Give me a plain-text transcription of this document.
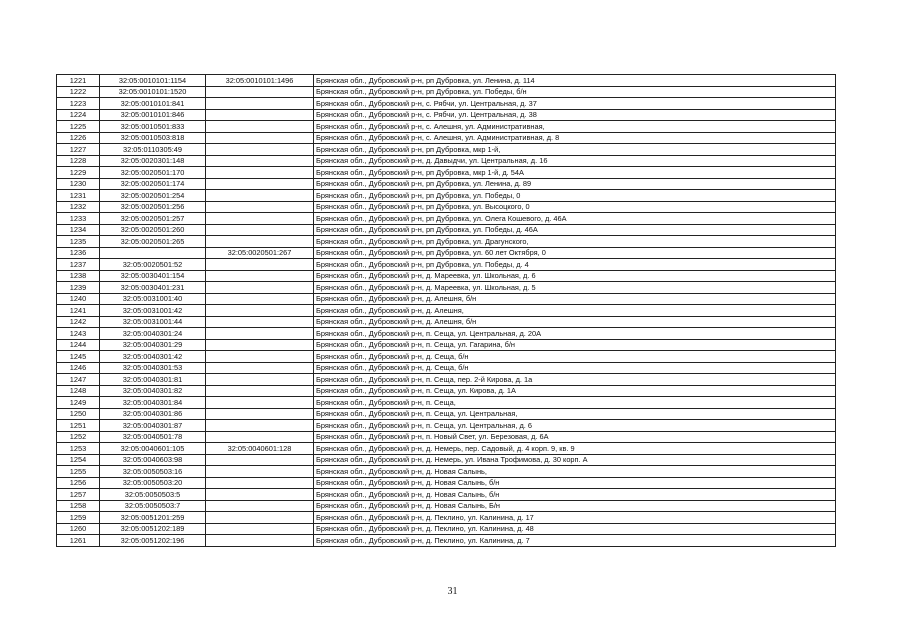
1221	32:05:0010101:1154	32:05:0010101:1496	Брянская обл., Дубровский р-н, рп Дубровка, ул. Ленина, д. 114
1222	32:05:0010101:1520		Брянская обл., Дубровский р-н, рп Дубровка, ул. Победы, б/н
1223	32:05:0010101:841		Брянская обл., Дубровский р-н, с. Рябчи, ул. Центральная, д. 37
1224	32:05:0010101:846		Брянская обл., Дубровский р-н, с. Рябчи, ул. Центральная, д. 38
1225	32:05:0010501:833		Брянская обл., Дубровский р-н, с. Алешня, ул. Административная,
1226	32:05:0010503:818		Брянская обл., Дубровский р-н, с. Алешня, ул. Административная, д. 8
1227	32:05:0110305:49		Брянская обл., Дубровский р-н, рп Дубровка, мкр 1-й,
1228	32:05:0020301:148		Брянская обл., Дубровский р-н, д. Давыдчи, ул. Центральная, д. 16
1229	32:05:0020501:170		Брянская обл., Дубровский р-н, рп Дубровка, мкр 1-й, д. 54А
1230	32:05:0020501:174		Брянская обл., Дубровский р-н, рп Дубровка, ул. Ленина, д. 89
1231	32:05:0020501:254		Брянская обл., Дубровский р-н, рп Дубровка, ул. Победы, 0
1232	32:05:0020501:256		Брянская обл., Дубровский р-н, рп Дубровка, ул. Высоцкого, 0
1233	32:05:0020501:257		Брянская обл., Дубровский р-н, рп Дубровка, ул. Олега Кошевого, д. 46А
1234	32:05:0020501:260		Брянская обл., Дубровский р-н, рп Дубровка, ул. Победы, д. 46А
1235	32:05:0020501:265		Брянская обл., Дубровский р-н, рп Дубровка, ул. Драгунского,
1236		32:05:0020501:267	Брянская обл., Дубровский р-н, рп Дубровка, ул. 60 лет Октября, 0
1237	32:05:0020501:52		Брянская обл., Дубровский р-н, рп Дубровка, ул. Победы, д. 4
1238	32:05:0030401:154		Брянская обл., Дубровский р-н, д. Мареевка, ул. Школьная, д. 6
1239	32:05:0030401:231		Брянская обл., Дубровский р-н, д. Мареевка, ул. Школьная, д. 5
1240	32:05:0031001:40		Брянская обл., Дубровский р-н, д. Алешня, б/н
1241	32:05:0031001:42		Брянская обл., Дубровский р-н, д. Алешня,
1242	32:05:0031001:44		Брянская обл., Дубровский р-н, д. Алешня, б/н
1243	32:05:0040301:24		Брянская обл., Дубровский р-н, п. Сеща, ул. Центральная, д. 20А
1244	32:05:0040301:29		Брянская обл., Дубровский р-н, п. Сеща, ул. Гагарина, б/н
1245	32:05:0040301:42		Брянская обл., Дубровский р-н, д. Сеща, б/н
1246	32:05:0040301:53		Брянская обл., Дубровский р-н, д. Сеща, б/н
1247	32:05:0040301:81		Брянская обл., Дубровский р-н, п. Сеща, пер. 2-й Кирова, д. 1а
1248	32:05:0040301:82		Брянская обл., Дубровский р-н, п. Сеща, ул. Кирова, д. 1А
1249	32:05:0040301:84		Брянская обл., Дубровский р-н, п. Сеща,
1250	32:05:0040301:86		Брянская обл., Дубровский р-н, п. Сеща, ул. Центральная,
1251	32:05:0040301:87		Брянская обл., Дубровский р-н, п. Сеща, ул. Центральная, д. 6
1252	32:05:0040501:78		Брянская обл., Дубровский р-н, п. Новый Свет, ул. Березовая, д. 6А
1253	32:05:0040601:105	32:05:0040601:128	Брянская обл., Дубровский р-н, д. Немерь, пер. Садовый, д. 4 корп. 9, кв. 9
1254	32:05:0040603:98		Брянская обл., Дубровский р-н, д. Немерь, ул. Ивана Трофимова, д. 30 корп. А
1255	32:05:0050503:16		Брянская обл., Дубровский р-н, д. Новая Салынь,
1256	32:05:0050503:20		Брянская обл., Дубровский р-н, д. Новая Салынь, б/н
1257	32:05:0050503:5		Брянская обл., Дубровский р-н, д. Новая Салынь, б/н
1258	32:05:0050503:7		Брянская обл., Дубровский р-н, д. Новая Салынь, Б/н
1259	32:05:0051201:259		Брянская обл., Дубровский р-н, д. Пеклино, ул. Калинина, д. 17
1260	32:05:0051202:189		Брянская обл., Дубровский р-н, д. Пеклино, ул. Калинина, д. 48
1261	32:05:0051202:196		Брянская обл., Дубровский р-н, д. Пеклино, ул. Калинина, д. 7
31
